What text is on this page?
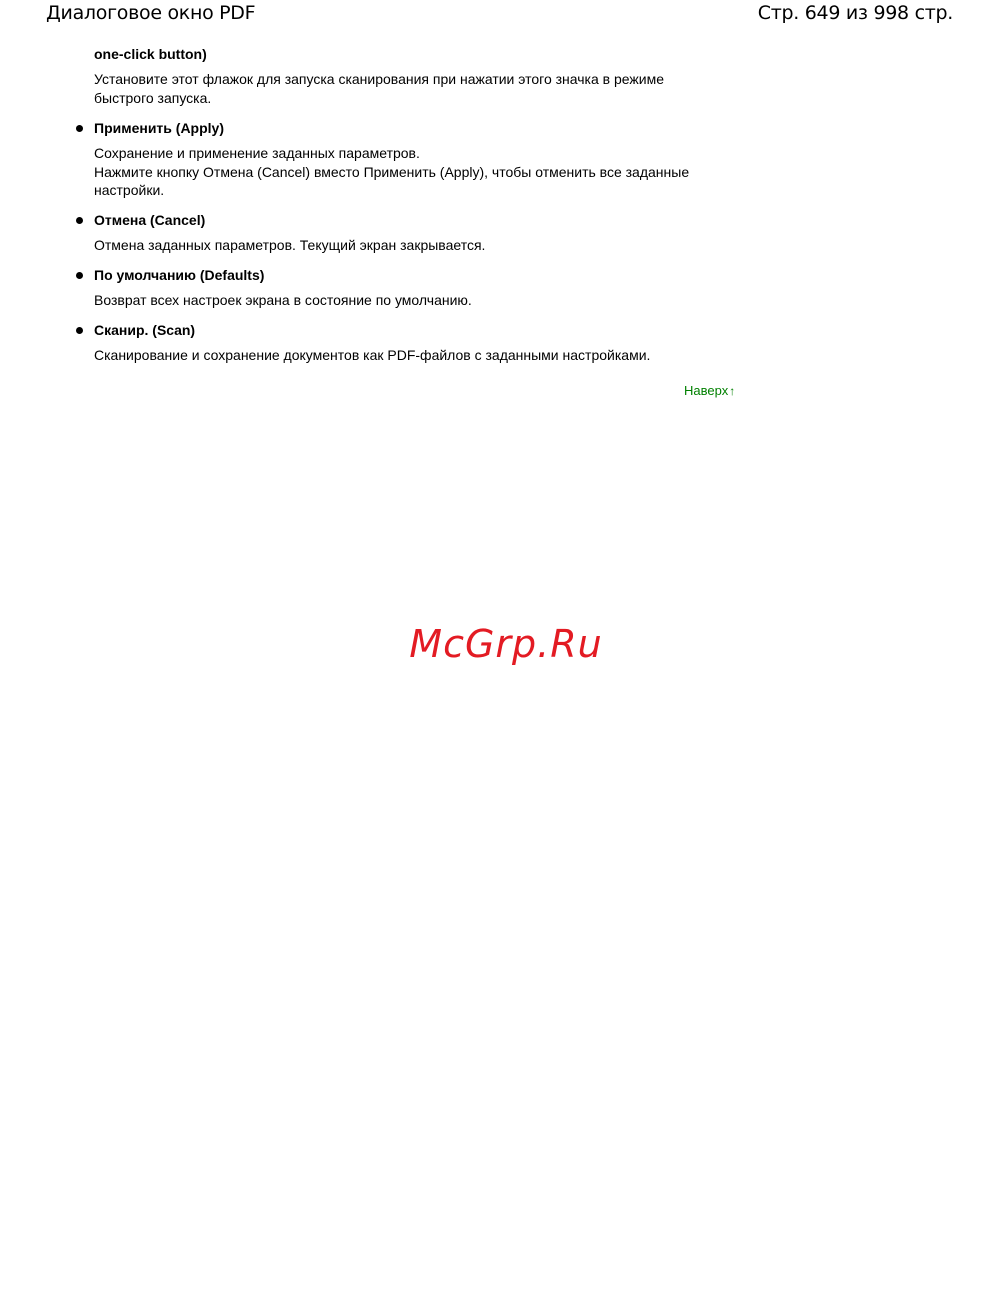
Диалоговое окно PDF	Стр. 649 из 998 стр.
one-click button)

Установите этот флажок для запуска сканирования при нажатии этого значка в режиме

быстрого запуска.

Применить (Apply)

Сохранение и применение заданных параметров.

Нажмите кнопку Отмена (Cancel) вместо Применить (Apply), чтобы отменить все заданные

настройки.

Отмена (Cancel)

Отмена заданных параметров. Текущий экран закрывается.

По умолчанию (Defaults)

Возврат всех настроек экрана в состояние по умолчанию.

Сканир. (Scan)

Сканирование и сохранение документов как PDF-файлов с заданными настройками.

Наверх↑
McGrp.Ru
